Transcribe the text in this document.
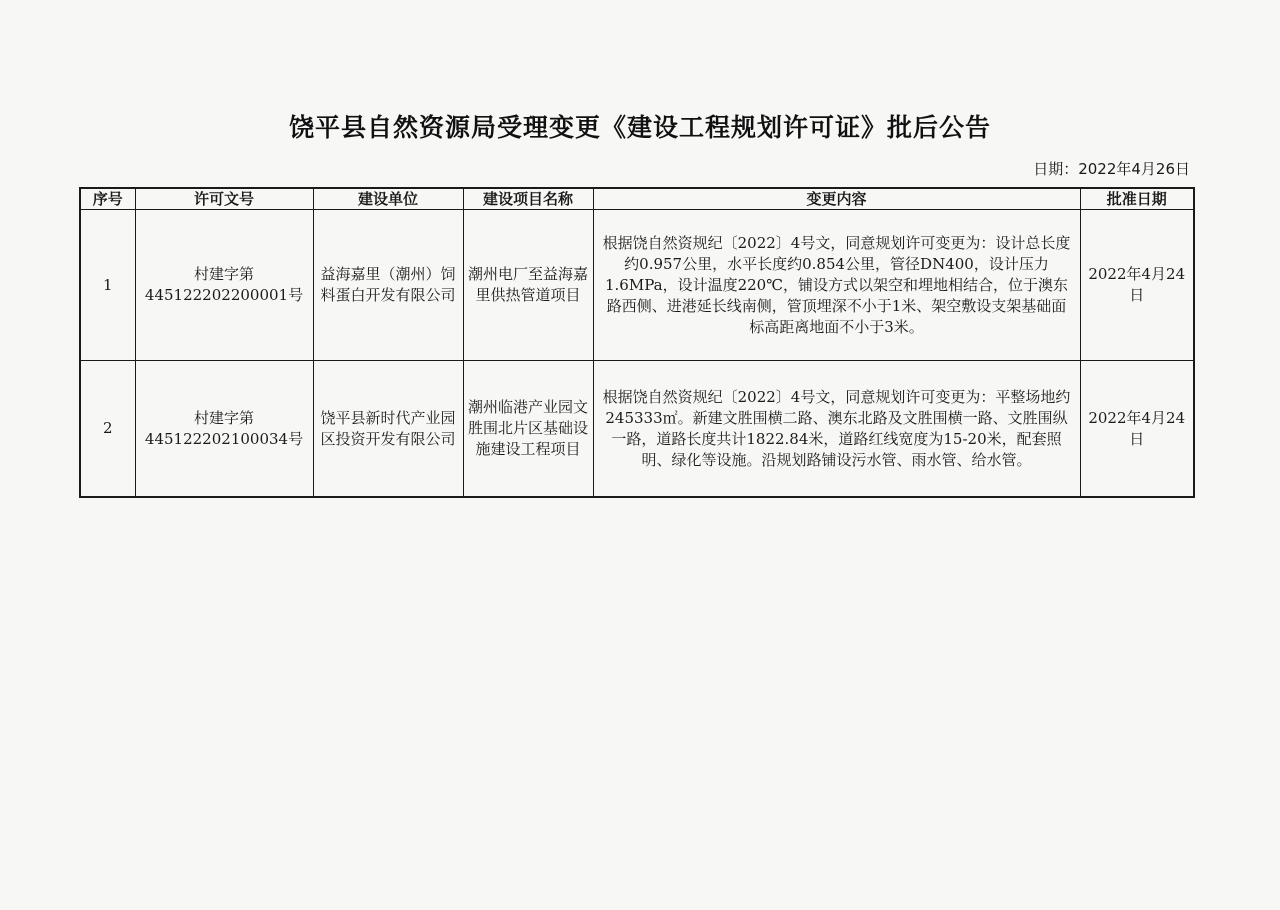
饶平县自然资源局受理变更《建设工程规划许可证》批后公告
日期：2022年4月26日
序号	许可文号	建设单位	建设项目名称	变更内容	批准日期
1	村建字第445122202200001号	益海嘉里（潮州）饲料蛋白开发有限公司	潮州电厂至益海嘉里供热管道项目	根据饶自然资规纪〔2022〕4号文，同意规划许可变更为：设计总长度约0.957公里，水平长度约0.854公里，管径DN400，设计压力1.6MPa，设计温度220℃，铺设方式以架空和埋地相结合，位于澳东路西侧、进港延长线南侧，管顶埋深不小于1米、架空敷设支架基础面标高距离地面不小于3米。	2022年4月24日
2	村建字第445122202100034号	饶平县新时代产业园区投资开发有限公司	潮州临港产业园文胜围北片区基础设施建设工程项目	根据饶自然资规纪〔2022〕4号文，同意规划许可变更为：平整场地约245333㎡。新建文胜围横二路、澳东北路及文胜围横一路、文胜围纵一路，道路长度共计1822.84米，道路红线宽度为15-20米，配套照明、绿化等设施。沿规划路铺设污水管、雨水管、给水管。	2022年4月24日
